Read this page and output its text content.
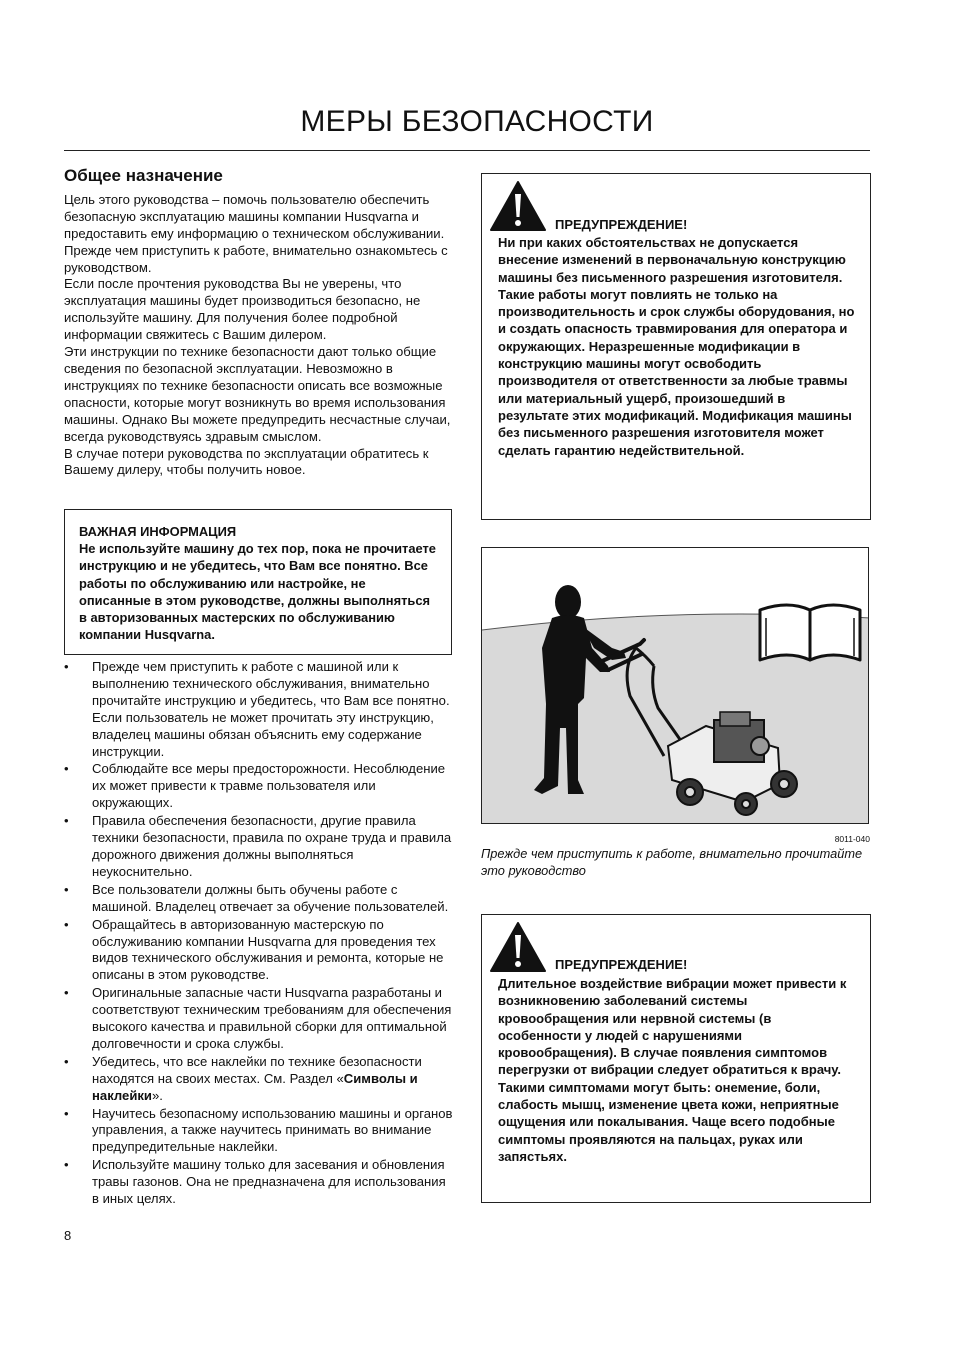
МЕРЫ БЕЗОПАСНОСТИ
Общее назначение

Цель этого руководства – помочь пользователю обеспечить безопасную эксплуатацию машины компании Husqvarna и предоставить ему информацию о техническом обслуживании. Прежде чем приступить к работе, внимательно ознакомьтесь с руководством.

Если после прочтения руководства Вы не уверены, что эксплуатация машины будет производиться безопасно, не используйте машину. Для получения более подробной информации свяжитесь с Вашим дилером.

Эти инструкции по технике безопасности дают только общие сведения по безопасной эксплуатации. Невозможно в инструкциях по технике безопасности описать все возможные опасности, которые могут возникнуть во время использования машины. Однако Вы можете предупредить несчастные случаи, всегда руководствуясь здравым смыслом.

В случае потери руководства по эксплуатации обратитесь к Вашему дилеру, чтобы получить новое.

ВАЖНАЯ ИНФОРМАЦИЯ
Не используйте машину до тех пор, пока не прочитаете инструкцию и не убедитесь, что Вам все понятно. Все работы по обслуживанию или настройке, не описанные в этом руководстве, должны выполняться в авторизованных мастерских по обслуживанию компании Husqvarna.
• Прежде чем приступить к работе с машиной или к выполнению технического обслуживания, внимательно прочитайте инструкцию и убедитесь, что Вам все понятно. Если пользователь не может прочитать эту инструкцию, владелец машины обязан объяснить ему содержание инструкции.
• Соблюдайте все меры предосторожности. Несоблюдение их может привести к травме пользователя или окружающих.
• Правила обеспечения безопасности, другие правила техники безопасности, правила по охране труда и правила дорожного движения должны выполняться неукоснительно.
• Все пользователи должны быть обучены работе с машиной. Владелец отвечает за обучение пользователей.
• Обращайтесь в авторизованную мастерскую по обслуживанию компании Husqvarna для проведения тех видов технического обслуживания и ремонта, которые не описаны в этом руководстве.
• Оригинальные запасные части Husqvarna разработаны и соответствуют техническим требованиям для обеспечения высокого качества и правильной сборки для оптимальной долговечности и срока службы.
• Убедитесь, что все наклейки по технике безопасности находятся на своих местах. См. Раздел «Символы и наклейки».
• Научитесь безопасному использованию машины и органов управления, а также научитесь принимать во внимание предупредительные наклейки.
• Используйте машину только для засевания и обновления травы газонов. Она не предназначена для использования в иных целях.
8
ПРЕДУПРЕЖДЕНИЕ!
Ни при каких обстоятельствах не допускается внесение изменений в первоначальную конструкцию машины без письменного разрешения изготовителя. Такие работы могут повлиять не только на производительность и срок службы оборудования, но и создать опасность травмирования для оператора и окружающих. Неразрешенные модификации в конструкцию машины могут освободить производителя от ответственности за любые травмы или материальный ущерб, произошедший в результате этих модификаций. Модификация машины без письменного разрешения изготовителя может сделать гарантию недействительной.
8011-040
Прежде чем приступить к работе, внимательно прочитайте это руководство
ПРЕДУПРЕЖДЕНИЕ!
Длительное воздействие вибрации может привести к возникновению заболеваний системы кровообращения или нервной системы (в особенности у людей с нарушениями кровообращения). В случае появления симптомов перегрузки от вибрации следует обратиться к врачу. Такими симптомами могут быть: онемение, боли, слабость мышц, изменение цвета кожи, неприятные ощущения или покалывания. Чаще всего подобные симптомы проявляются на пальцах, руках или запястьях.
